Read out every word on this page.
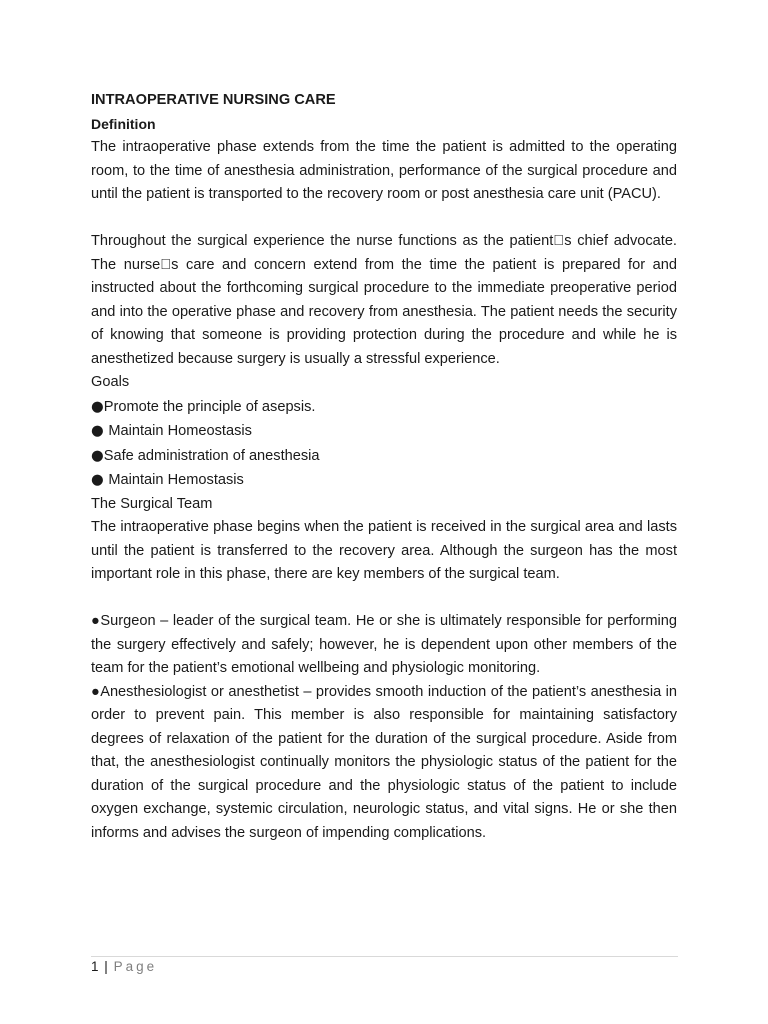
INTRAOPERATIVE NURSING CARE

Definition

The intraoperative phase extends from the time the patient is admitted to the operating room, to the time of anesthesia administration, performance of the surgical procedure and until the patient is transported to the recovery room or post anesthesia care unit (PACU).

Throughout the surgical experience the nurse functions as the patient s chief advocate. The nurse s care and concern extend from the time the patient is prepared for and instructed about the forthcoming surgical procedure to the immediate preoperative period and into the operative phase and recovery from anesthesia. The patient needs the security of knowing that someone is providing protection during the procedure and while he is anesthetized because surgery is usually a stressful experience.

Goals

●Promote the principle of asepsis.

● Maintain Homeostasis

●Safe administration of anesthesia

● Maintain Hemostasis

The Surgical Team

The intraoperative phase begins when the patient is received in the surgical area and lasts until the patient is transferred to the recovery area. Although the surgeon has the most important role in this phase, there are key members of the surgical team.

●Surgeon – leader of the surgical team. He or she is ultimately responsible for performing the surgery effectively and safely; however, he is dependent upon other members of the team for the patient’s emotional wellbeing and physiologic monitoring.

●Anesthesiologist or anesthetist – provides smooth induction of the patient’s anesthesia in order to prevent pain. This member is also responsible for maintaining satisfactory degrees of relaxation of the patient for the duration of the surgical procedure. Aside from that, the anesthesiologist continually monitors the physiologic status of the patient for the duration of the surgical procedure and the physiologic status of the patient to include oxygen exchange, systemic circulation, neurologic status, and vital signs. He or she then informs and advises the surgeon of impending complications.

1 | Page
